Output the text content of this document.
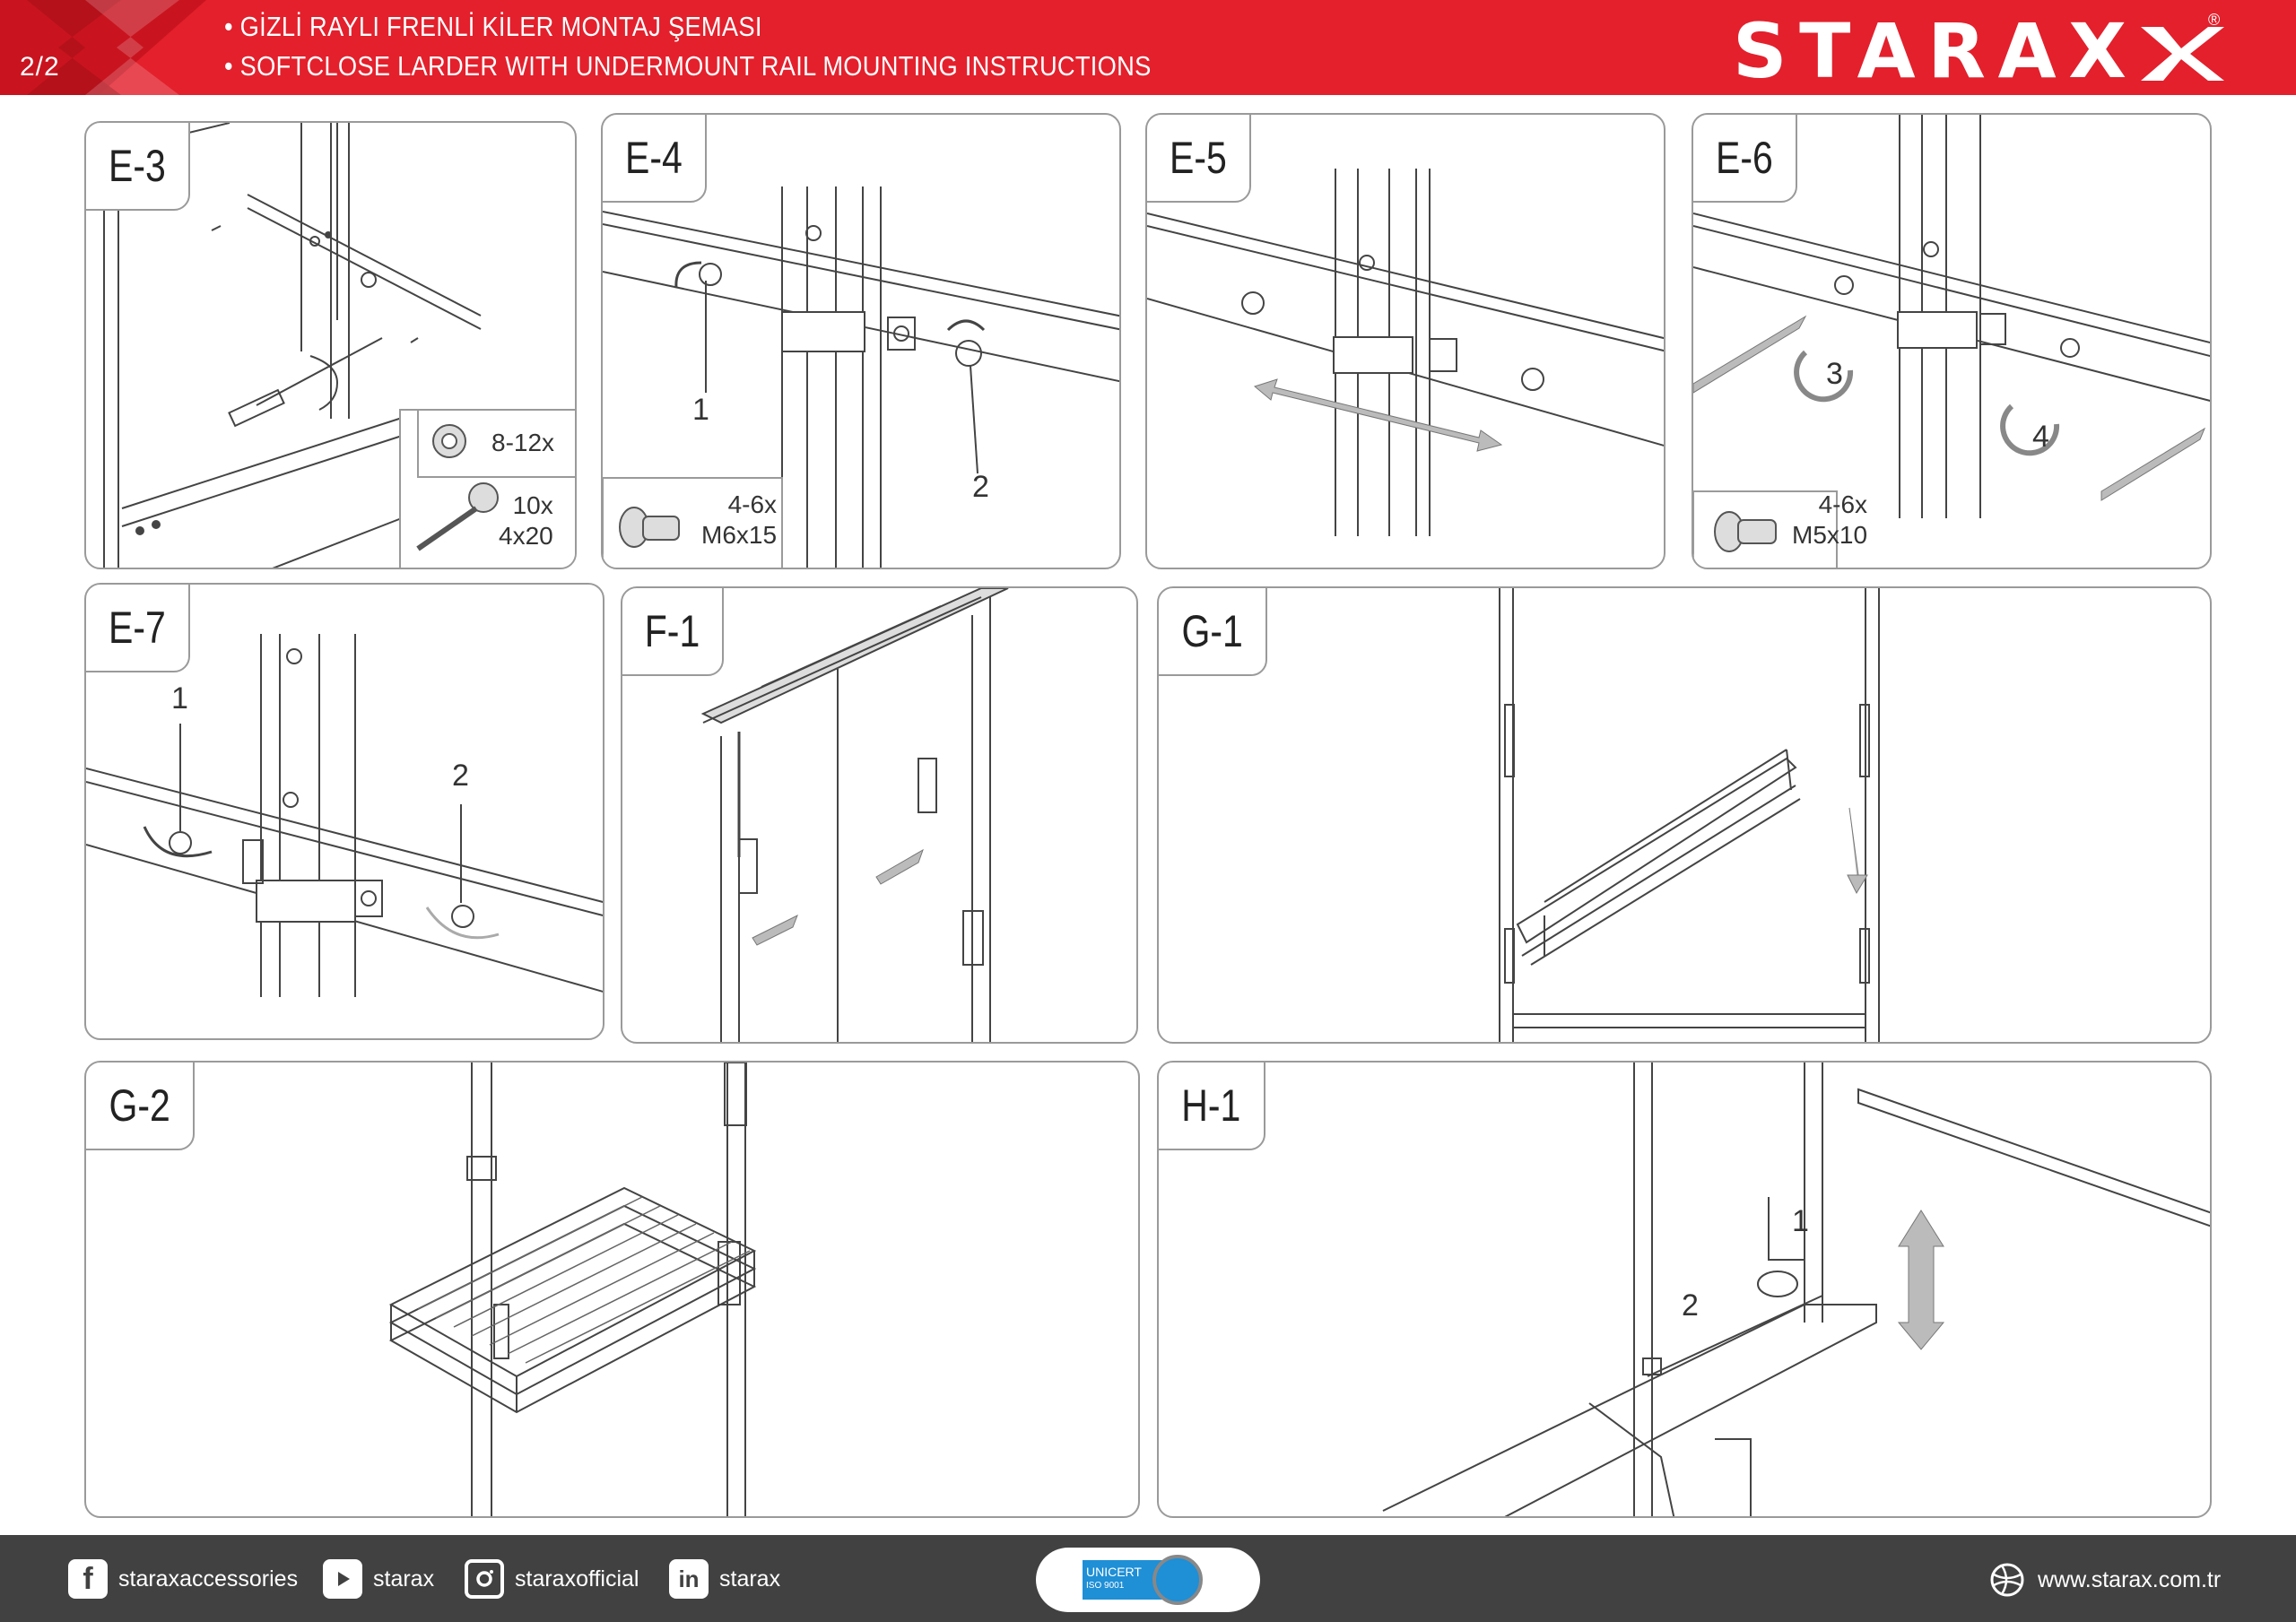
2/2
• GİZLİ RAYLI FRENLİ KİLER MONTAJ ŞEMASI
• SOFTCLOSE LARDER WITH UNDERMOUNT RAIL MOUNTING INSTRUCTIONS	STARAX	®
E-3
8-12x
10x
4x20
E-4
1
2
4-6x
M6x15
E-5	E-6
3
4
4-6x
M5x10
E-7
1
2
F-1	G-1
G-2	H-1
1
2
f	staraxaccessories	starax	staraxofficial	in starax	UNICERT
ISO 9001	www.starax.com.tr
